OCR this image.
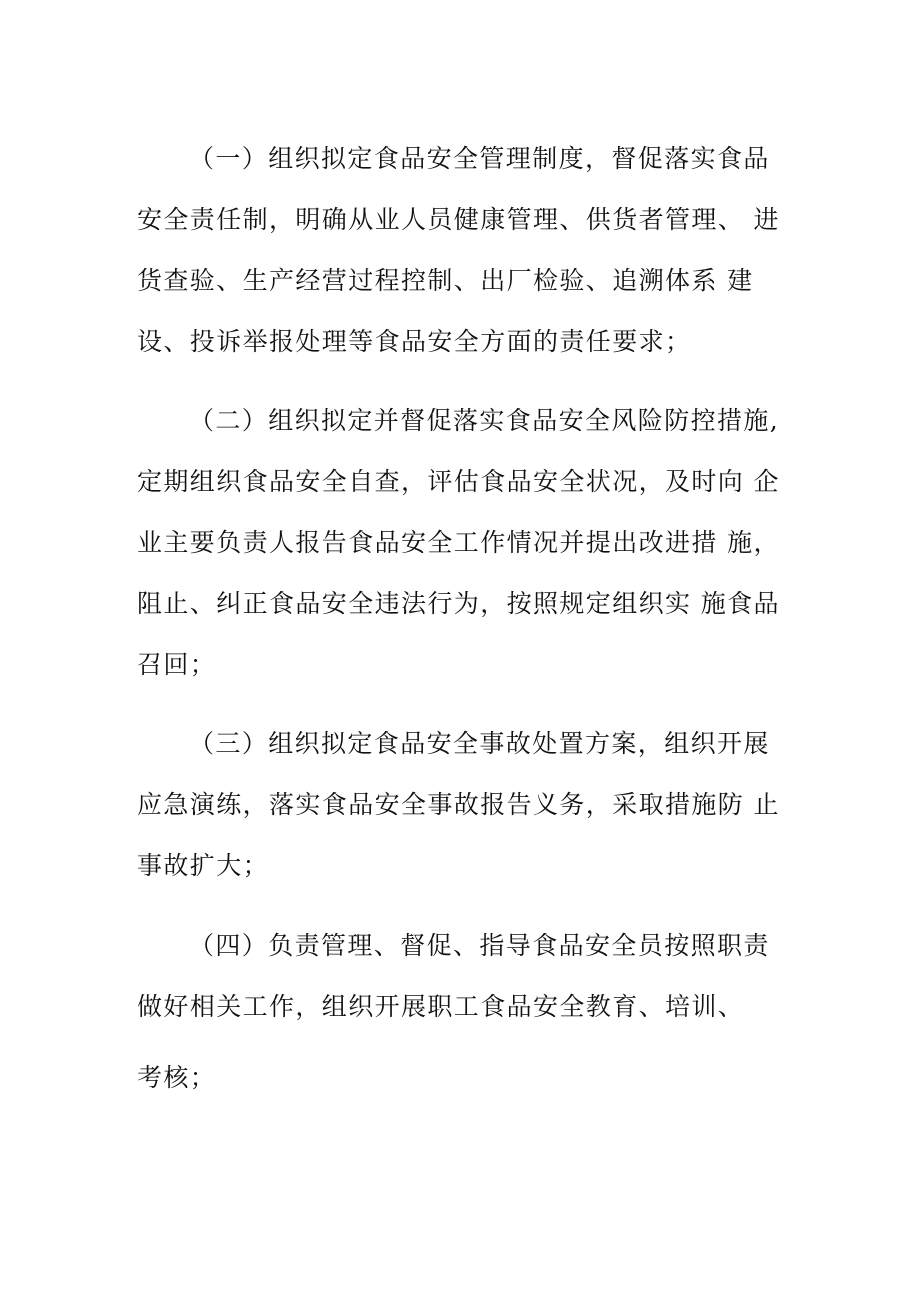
（一）组织拟定食品安全管理制度，督促落实食品
安全责任制，明确从业人员健康管理、供货者管理、 进
货查验、生产经营过程控制、出厂检验、追溯体系 建
设、投诉举报处理等食品安全方面的责任要求；
（二）组织拟定并督促落实食品安全风险防控措施,
定期组织食品安全自查，评估食品安全状况，及时向 企
业主要负责人报告食品安全工作情况并提出改进措 施，
阻止、纠正食品安全违法行为，按照规定组织实 施食品
召回；
（三）组织拟定食品安全事故处置方案，组织开展
应急演练，落实食品安全事故报告义务，采取措施防 止
事故扩大；
（四）负责管理、督促、指导食品安全员按照职责
做好相关工作，组织开展职工食品安全教育、培训、
考核；
